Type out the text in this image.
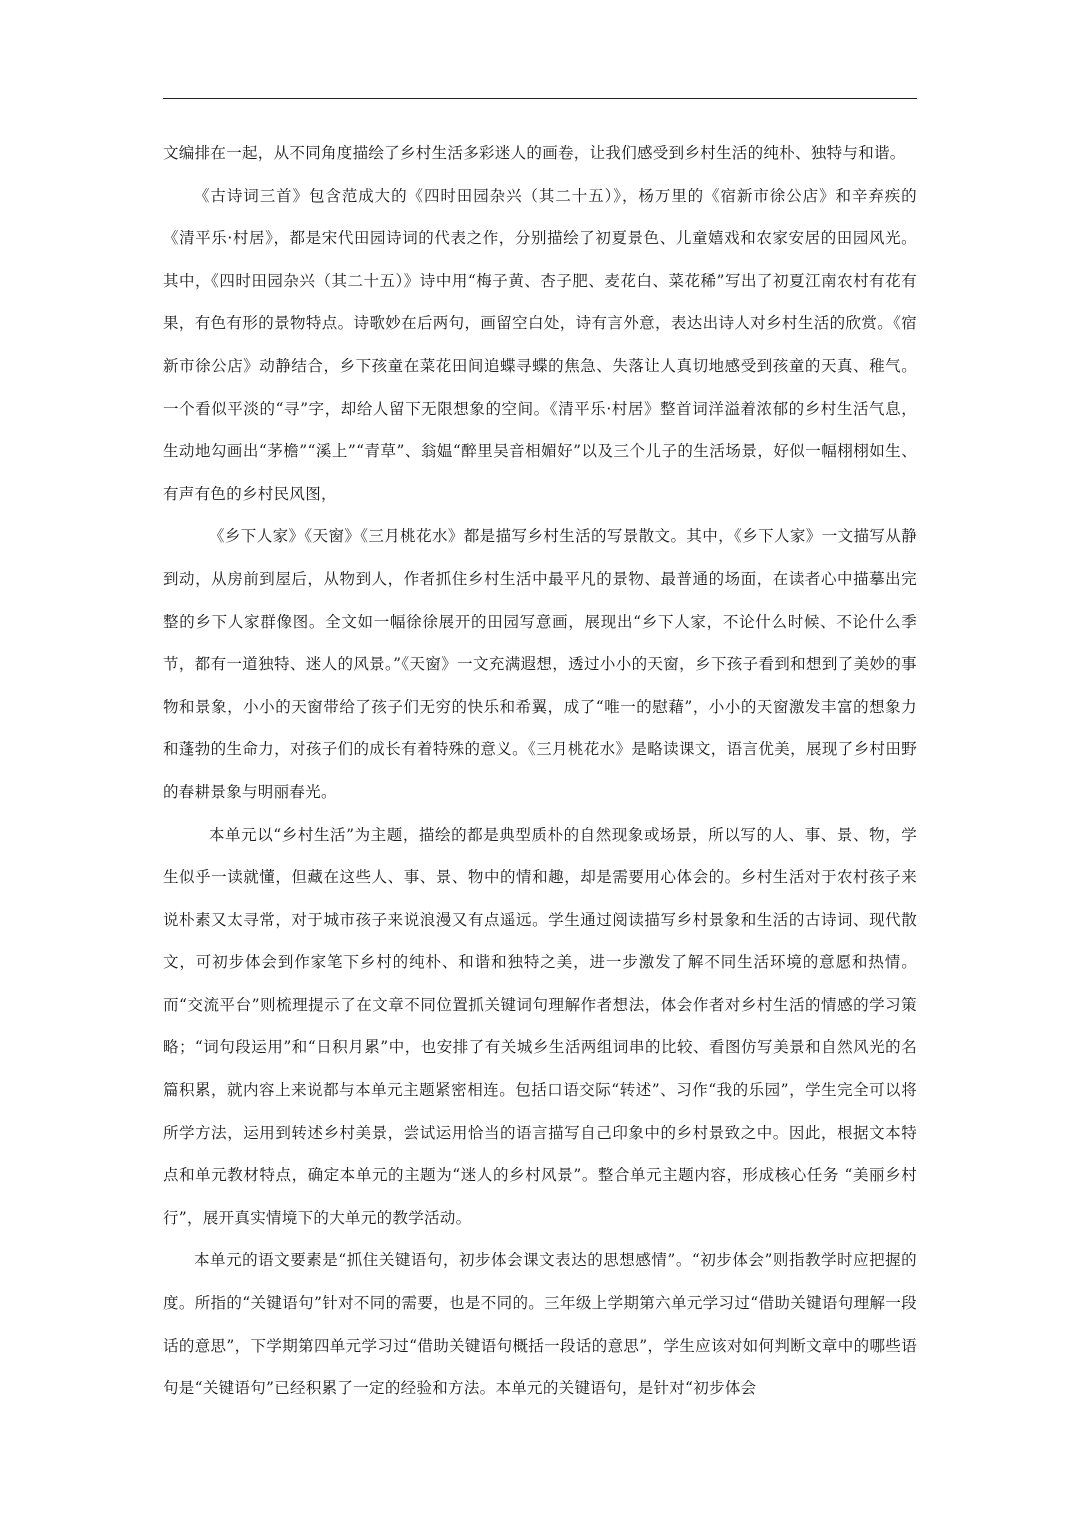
文编排在一起，从不同角度描绘了乡村生活多彩迷人的画卷，让我们感受到乡村生活的纯朴、独特与和谐。

《古诗词三首》包含范成大的《四时田园杂兴（其二十五）》，杨万里的《宿新市徐公店》和辛弃疾的《清平乐·村居》，都是宋代田园诗词的代表之作，分别描绘了初夏景色、儿童嬉戏和农家安居的田园风光。其中，《四时田园杂兴（其二十五）》诗中用“梅子黄、杏子肥、麦花白、菜花稀”写出了初夏江南农村有花有果，有色有形的景物特点。诗歌妙在后两句，画留空白处，诗有言外意，表达出诗人对乡村生活的欣赏。《宿新市徐公店》动静结合，乡下孩童在菜花田间追蝶寻蝶的焦急、失落让人真切地感受到孩童的天真、稚气。一个看似平淡的“寻”字，却给人留下无限想象的空间。《清平乐·村居》整首词洋溢着浓郁的乡村生活气息，生动地勾画出“茅檐”“溪上”“青草”、翁媪“醉里吴音相媚好”以及三个儿子的生活场景，好似一幅栩栩如生、有声有色的乡村民风图，

《乡下人家》《天窗》《三月桃花水》都是描写乡村生活的写景散文。其中，《乡下人家》一文描写从静到动，从房前到屋后，从物到人，作者抓住乡村生活中最平凡的景物、最普通的场面，在读者心中描摹出完整的乡下人家群像图。全文如一幅徐徐展开的田园写意画，展现出“乡下人家，不论什么时候、不论什么季节，都有一道独特、迷人的风景。”《天窗》一文充满遐想，透过小小的天窗，乡下孩子看到和想到了美妙的事物和景象，小小的天窗带给了孩子们无穷的快乐和希翼，成了“唯一的慰藉”，小小的天窗激发丰富的想象力和蓬勃的生命力，对孩子们的成长有着特殊的意义。《三月桃花水》是略读课文，语言优美，展现了乡村田野的春耕景象与明丽春光。

本单元以“乡村生活”为主题，描绘的都是典型质朴的自然现象或场景，所以写的人、事、景、物，学生似乎一读就懂，但藏在这些人、事、景、物中的情和趣，却是需要用心体会的。乡村生活对于农村孩子来说朴素又太寻常，对于城市孩子来说浪漫又有点遥远。学生通过阅读描写乡村景象和生活的古诗词、现代散文，可初步体会到作家笔下乡村的纯朴、和谐和独特之美，进一步激发了解不同生活环境的意愿和热情。而“交流平台”则梳理提示了在文章不同位置抓关键词句理解作者想法，体会作者对乡村生活的情感的学习策略；“词句段运用”和“日积月累”中，也安排了有关城乡生活两组词串的比较、看图仿写美景和自然风光的名篇积累，就内容上来说都与本单元主题紧密相连。包括口语交际“转述”、习作“我的乐园”，学生完全可以将所学方法，运用到转述乡村美景，尝试运用恰当的语言描写自己印象中的乡村景致之中。因此，根据文本特点和单元教材特点，确定本单元的主题为“迷人的乡村风景”。整合单元主题内容，形成核心任务 “美丽乡村行”，展开真实情境下的大单元的教学活动。

本单元的语文要素是“抓住关键语句，初步体会课文表达的思想感情”。“初步体会”则指教学时应把握的度。所指的“关键语句”针对不同的需要，也是不同的。三年级上学期第六单元学习过“借助关键语句理解一段话的意思”，下学期第四单元学习过“借助关键语句概括一段话的意思”，学生应该对如何判断文章中的哪些语句是“关键语句”已经积累了一定的经验和方法。本单元的关键语句，是针对“初步体会
